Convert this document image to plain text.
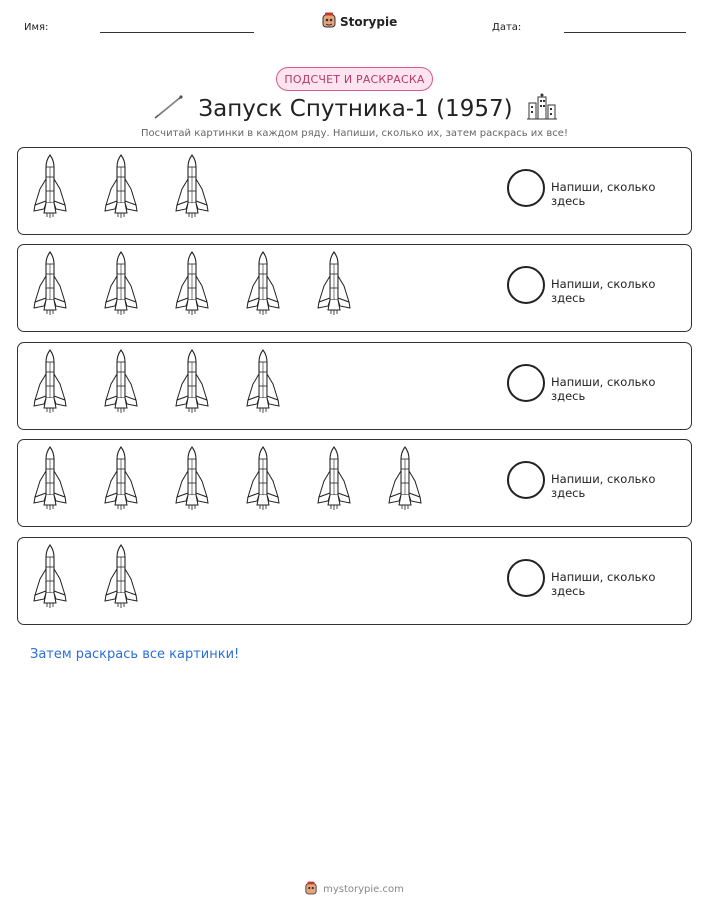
Имя:	Storypie	Дата:
ПОДСЧЕТ И РАСКРАСКА
Запуск Спутника-1 (1957)
Посчитай картинки в каждом ряду. Напиши, сколько их, затем раскрась их все!
Напиши, сколько здесь
Напиши, сколько здесь
Напиши, сколько здесь
Напиши, сколько здесь
Напиши, сколько здесь
Затем раскрась все картинки!
mystorypie.com
